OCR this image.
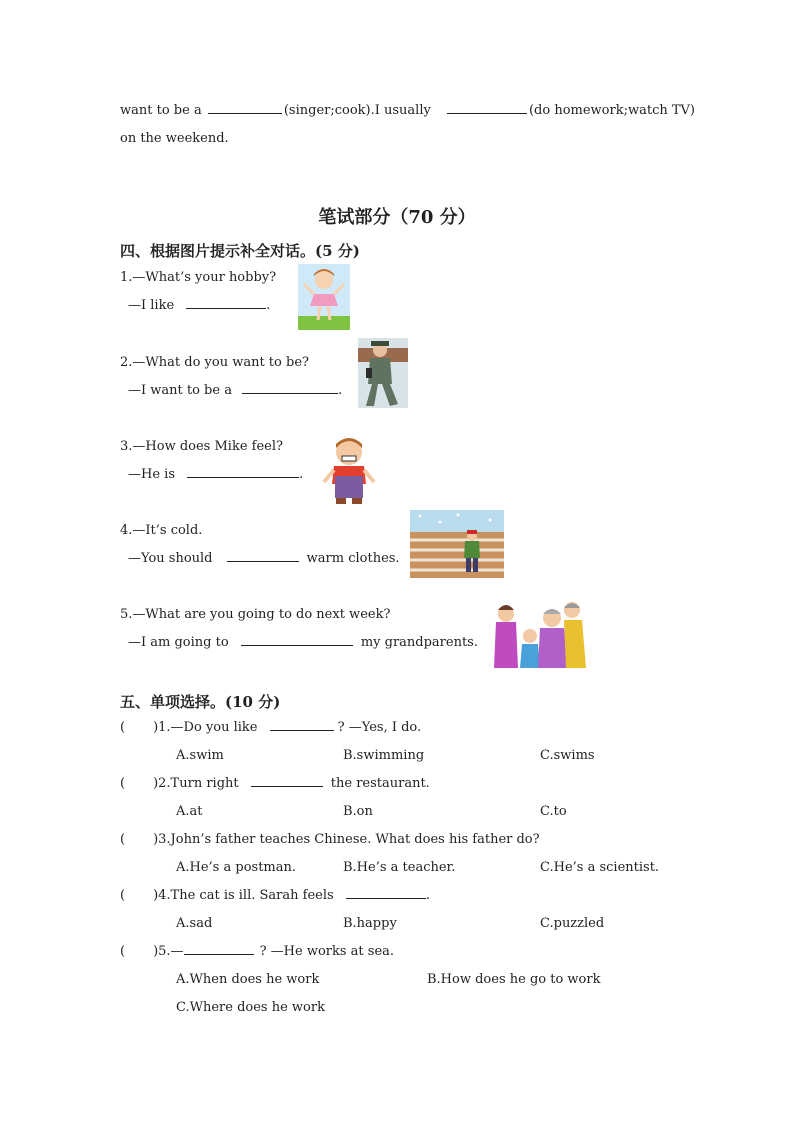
want to be a	(singer;cook).I usually	(do homework;watch TV)
on the weekend.
笔试部分（70 分）
四、根据图片提示补全对话。(5 分)
1.—What’s your hobby?
—I like	.
2.—What do you want to be?
—I want to be a	.
3.—How does Mike feel?
—He is	.
4.—It’s cold.
—You should	warm clothes.
5.—What are you going to do next week?
—I am going to	my grandparents.
五、单项选择。(10 分)
( )1.—Do you like	? —Yes, I do.
A.swim	B.swimming	C.swims
( )2.Turn right	the restaurant.
A.at	B.on	C.to
( )3.John’s father teaches Chinese. What does his father do?
A.He’s a postman.	B.He’s a teacher.	C.He’s a scientist.
( )4.The cat is ill. Sarah feels	.
A.sad	B.happy	C.puzzled
( )5.—	? —He works at sea.
A.When does he work	B.How does he go to work
C.Where does he work
